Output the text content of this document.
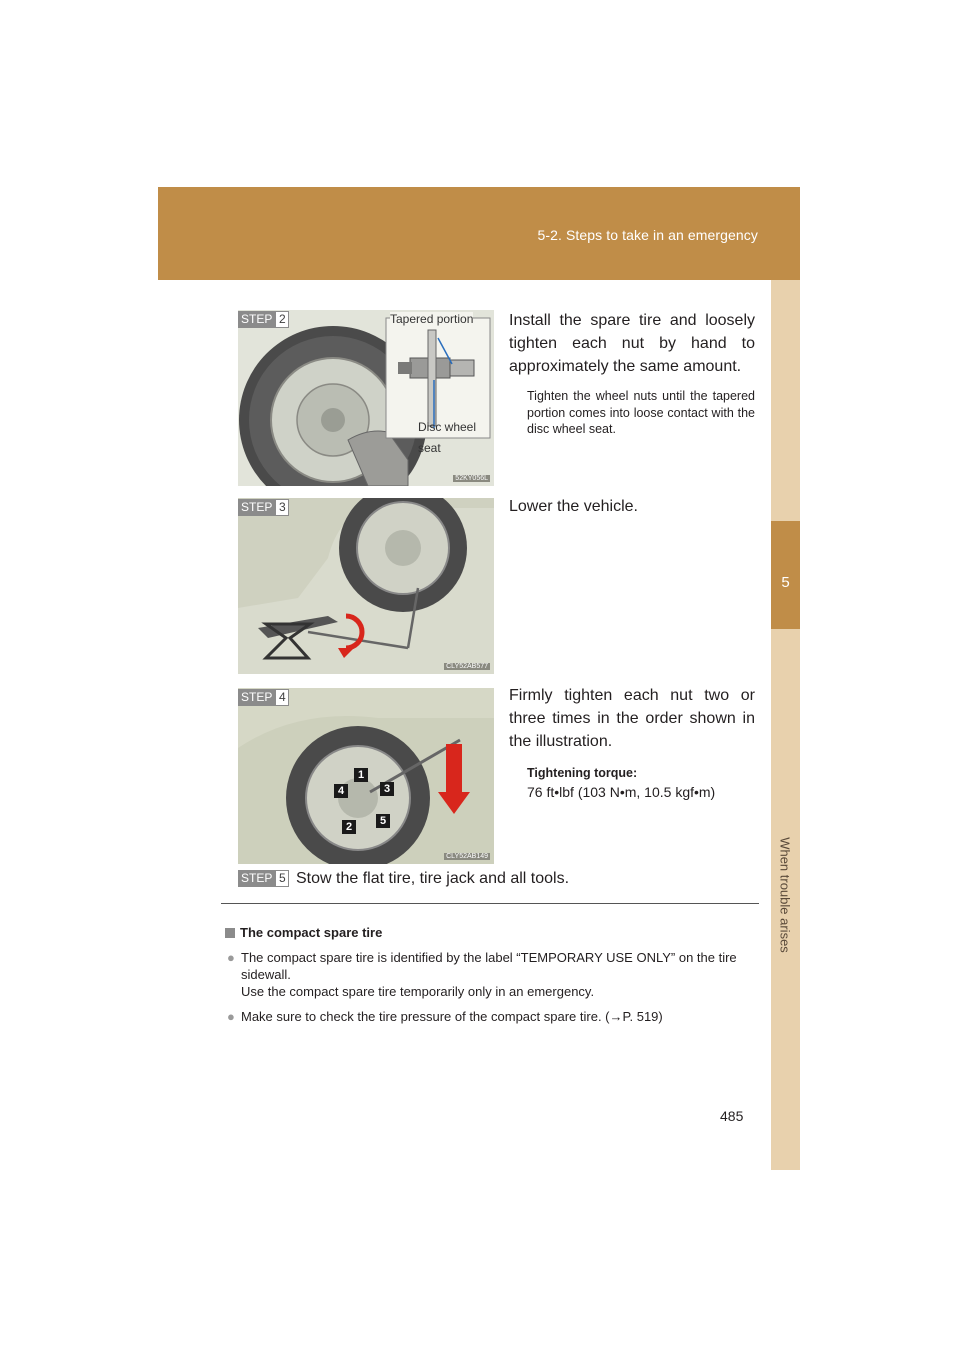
5-2. Steps to take in an emergency
5
When trouble arises
Tapered portion
Disc wheel
seat
52KY056L
STEP 2	Install the spare tire and loosely tighten each nut by hand to approximately the same amount.
Tighten the wheel nuts until the tapered portion comes into loose contact with the disc wheel seat.
CLY52AB577
STEP 3	Lower the vehicle.
CLY52AB149
1
2
3
4
5
STEP 4	Firmly tighten each nut two or three times in the order shown in the illustration.
Tightening torque:
76 ft•lbf (103 N•m, 10.5 kgf•m)
STEP 5 Stow the flat tire, tire jack and all tools.
The compact spare tire
● The compact spare tire is identified by the label “TEMPORARY USE ONLY” on the tire sidewall.
Use the compact spare tire temporarily only in an emergency.
● Make sure to check the tire pressure of the compact spare tire. (→P. 519)
485
